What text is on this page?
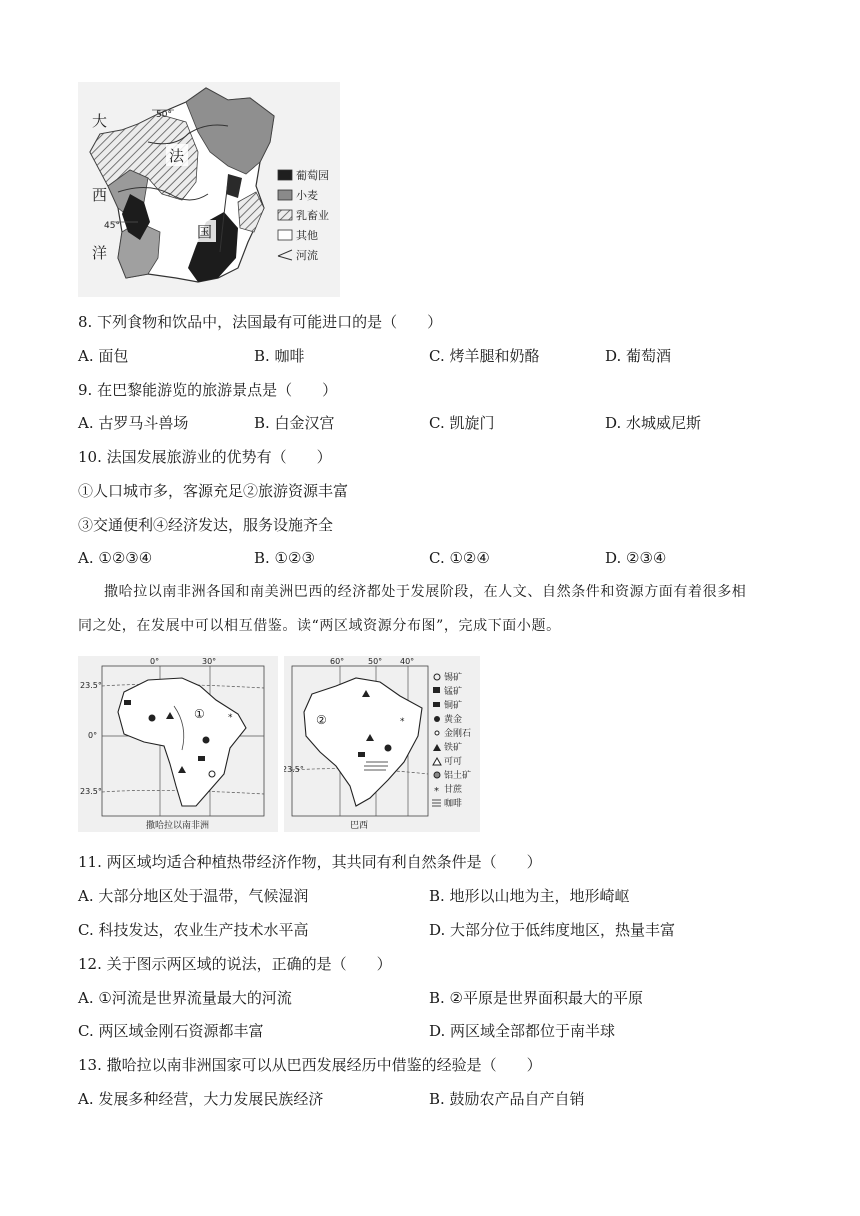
50°
45°
大
西
洋
法
国
葡萄园
小麦
乳畜业
其他
河流
8. 下列食物和饮品中，法国最有可能进口的是（　　）
A. 面包	B. 咖啡	C. 烤羊腿和奶酪	D. 葡萄酒
9. 在巴黎能游览的旅游景点是（　　）
A. 古罗马斗兽场	B. 白金汉宫	C. 凯旋门	D. 水城威尼斯
10. 法国发展旅游业的优势有（　　）
①人口城市多，客源充足②旅游资源丰富
③交通便利④经济发达，服务设施齐全
A. ①②③④	B. ①②③	C. ①②④	D. ②③④
撒哈拉以南非洲各国和南美洲巴西的经济都处于发展阶段，在人文、自然条件和资源方面有着很多相
同之处，在发展中可以相互借鉴。读“两区域资源分布图”，完成下面小题。
①	*
0°	30°
23.5°
0°
23.5°
撒哈拉以南非洲
②	*
60°	50° 40°
23.5°
巴西
锡矿
锰矿
铜矿
黄金
金刚石
铁矿
可可
铝土矿
甘蔗
*
咖啡
11. 两区域均适合种植热带经济作物，其共同有利自然条件是（　　）
A. 大部分地区处于温带，气候湿润	B. 地形以山地为主，地形崎岖
C. 科技发达，农业生产技术水平高	D. 大部分位于低纬度地区，热量丰富
12. 关于图示两区域的说法，正确的是（　　）
A. ①河流是世界流量最大的河流	B. ②平原是世界面积最大的平原
C. 两区域金刚石资源都丰富	D. 两区域全部都位于南半球
13. 撒哈拉以南非洲国家可以从巴西发展经历中借鉴的经验是（　　）
A. 发展多种经营，大力发展民族经济	B. 鼓励农产品自产自销
